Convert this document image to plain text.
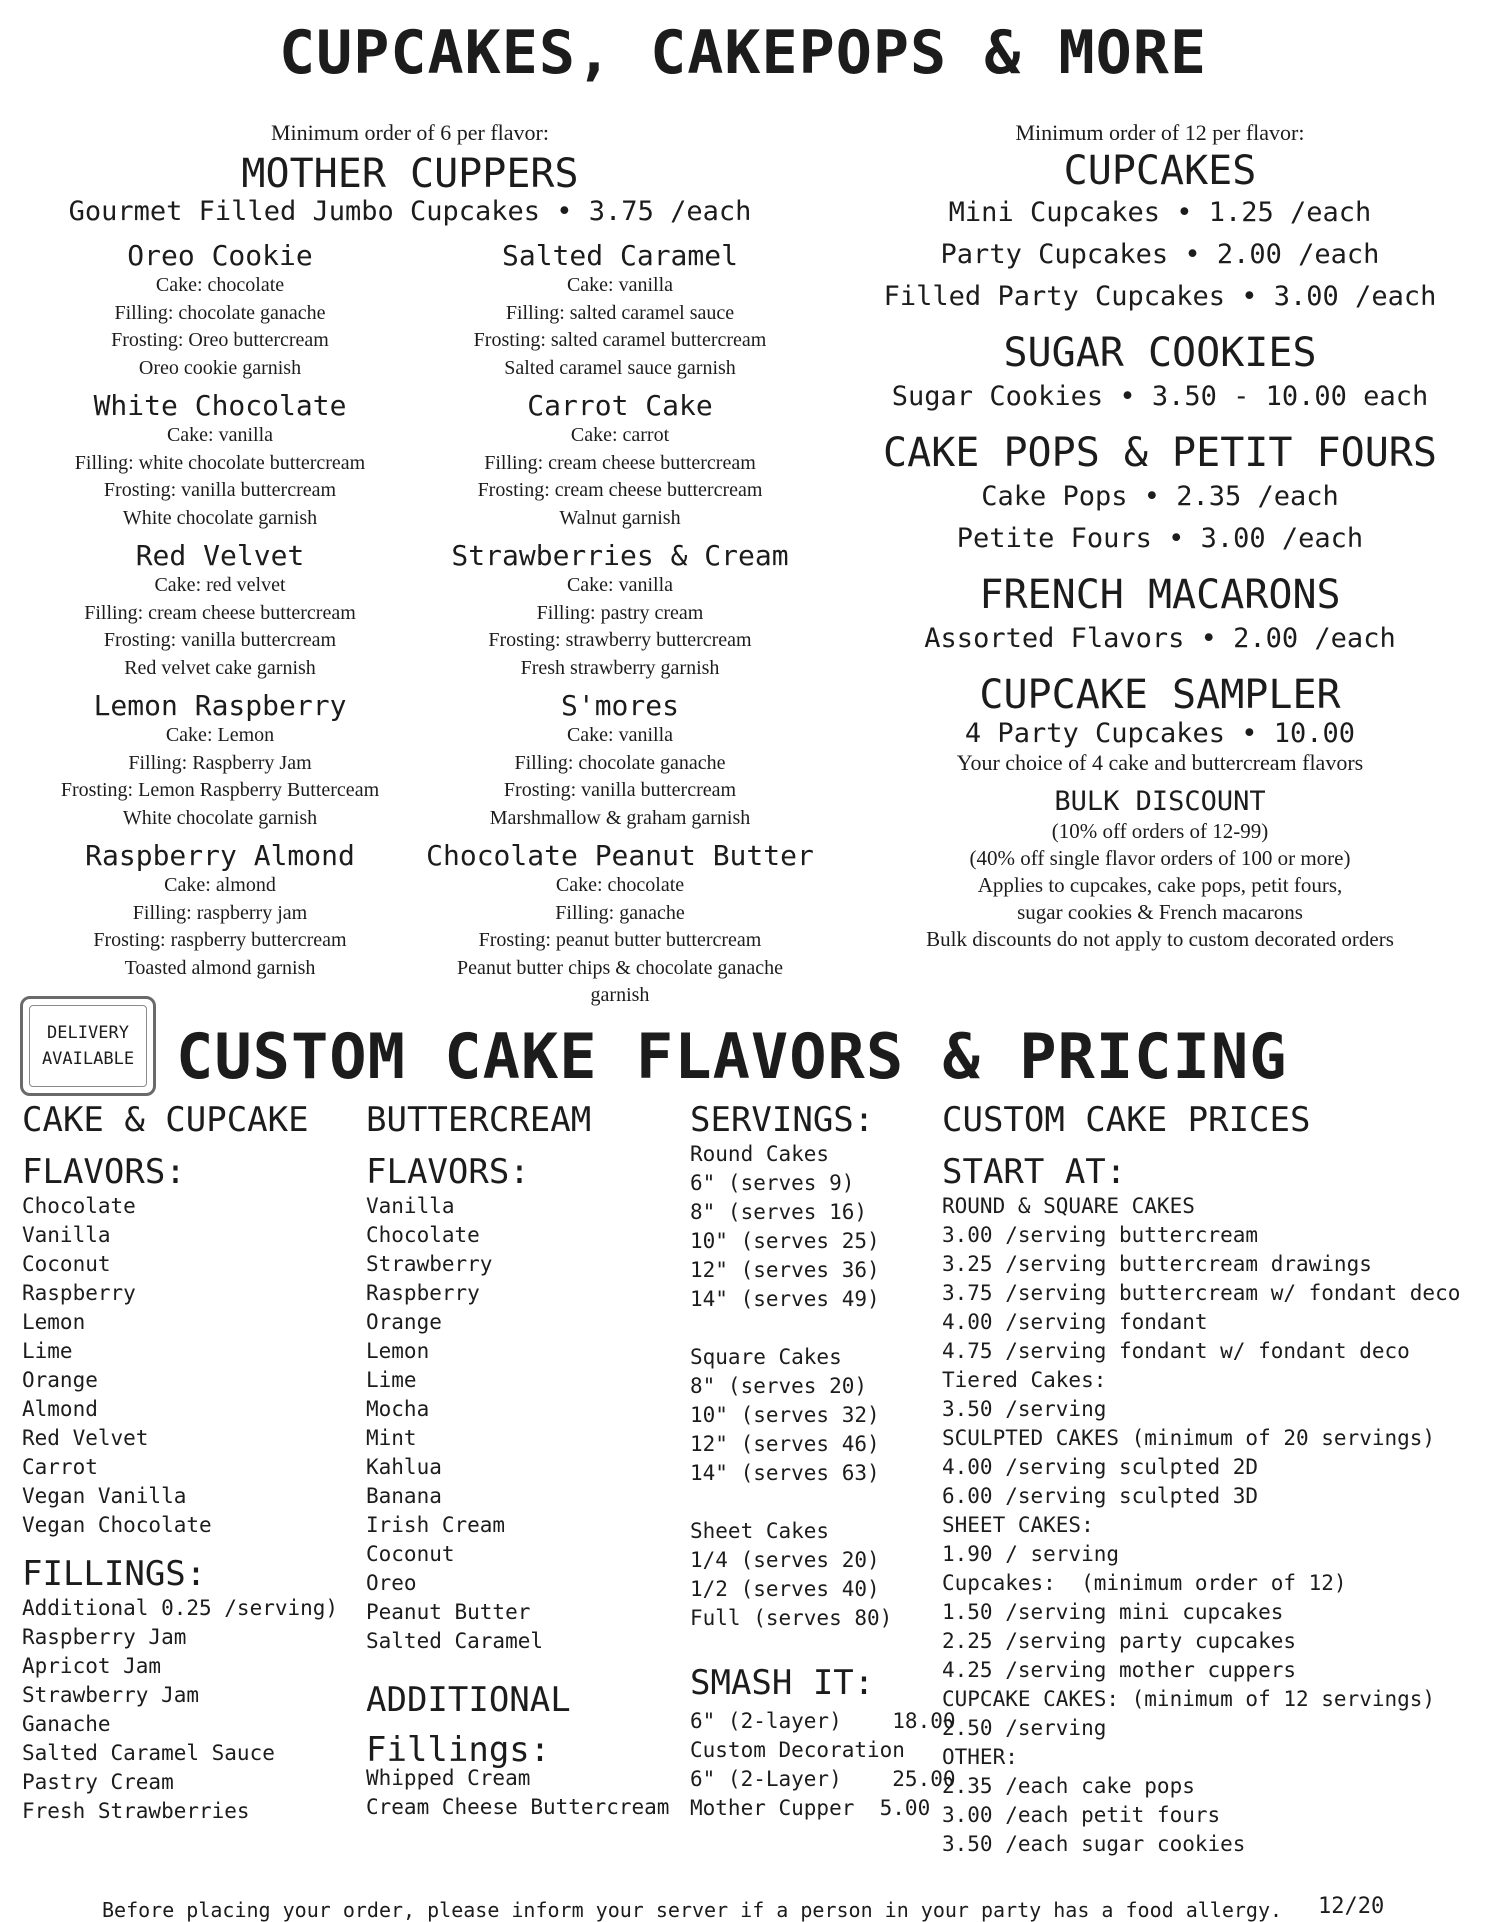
CUPCAKES, CAKEPOPS & MORE
Minimum order of 6 per flavor:
MOTHER CUPPERS
Gourmet Filled Jumbo Cupcakes • 3.75 /each
Oreo Cookie
Cake: chocolate
Filling: chocolate ganache
Frosting: Oreo buttercream
Oreo cookie garnish
White Chocolate
Cake: vanilla
Filling: white chocolate buttercream
Frosting: vanilla buttercream
White chocolate garnish
Red Velvet
Cake: red velvet
Filling: cream cheese buttercream
Frosting: vanilla buttercream
Red velvet cake garnish
Lemon Raspberry
Cake: Lemon
Filling: Raspberry Jam
Frosting: Lemon Raspberry Butterceam
White chocolate garnish
Raspberry Almond
Cake: almond
Filling: raspberry jam
Frosting: raspberry buttercream
Toasted almond garnish
Salted Caramel
Cake: vanilla
Filling: salted caramel sauce
Frosting: salted caramel buttercream
Salted caramel sauce garnish
Carrot Cake
Cake: carrot
Filling: cream cheese buttercream
Frosting: cream cheese buttercream
Walnut garnish
Strawberries & Cream
Cake: vanilla
Filling: pastry cream
Frosting: strawberry buttercream
Fresh strawberry garnish
S'mores
Cake: vanilla
Filling: chocolate ganache
Frosting: vanilla buttercream
Marshmallow & graham garnish
Chocolate Peanut Butter
Cake: chocolate
Filling: ganache
Frosting: peanut butter buttercream
Peanut butter chips & chocolate ganache
garnish
Minimum order of 12 per flavor:
CUPCAKES
Mini Cupcakes • 1.25 /each
Party Cupcakes • 2.00 /each
Filled Party Cupcakes • 3.00 /each
SUGAR COOKIES
Sugar Cookies • 3.50 - 10.00 each
CAKE POPS & PETIT FOURS
Cake Pops • 2.35 /each
Petite Fours • 3.00 /each
FRENCH MACARONS
Assorted Flavors • 2.00 /each
CUPCAKE SAMPLER
4 Party Cupcakes • 10.00
Your choice of 4 cake and buttercream flavors
BULK DISCOUNT
(10% off orders of 12-99)
(40% off single flavor orders of 100 or more)
Applies to cupcakes, cake pops, petit fours,
sugar cookies & French macarons
Bulk discounts do not apply to custom decorated orders
DELIVERY
AVAILABLE CUSTOM CAKE FLAVORS & PRICING
CAKE & CUPCAKE
FLAVORS:
Chocolate
Vanilla
Coconut
Raspberry
Lemon
Lime
Orange
Almond
Red Velvet
Carrot
Vegan Vanilla
Vegan Chocolate
FILLINGS:
Additional 0.25 /serving)
Raspberry Jam
Apricot Jam
Strawberry Jam
Ganache
Salted Caramel Sauce
Pastry Cream
Fresh Strawberries
BUTTERCREAM
FLAVORS:
Vanilla
Chocolate
Strawberry
Raspberry
Orange
Lemon
Lime
Mocha
Mint
Kahlua
Banana
Irish Cream
Coconut
Oreo
Peanut Butter
Salted Caramel
ADDITIONAL
Fillings:
Whipped Cream
Cream Cheese Buttercream
SERVINGS:
Round Cakes
6" (serves 9)
8" (serves 16)
10" (serves 25)
12" (serves 36)
14" (serves 49)
Square Cakes
8" (serves 20)
10" (serves 32)
12" (serves 46)
14" (serves 63)
Sheet Cakes
1/4 (serves 20)
1/2 (serves 40)
Full (serves 80)
SMASH IT:
6" (2-layer)    18.00
Custom Decoration
6" (2-Layer)    25.00
Mother Cupper  5.00
CUSTOM CAKE PRICES
START AT:
ROUND & SQUARE CAKES
3.00 /serving buttercream
3.25 /serving buttercream drawings
3.75 /serving buttercream w/ fondant deco
4.00 /serving fondant
4.75 /serving fondant w/ fondant deco
Tiered Cakes:
3.50 /serving
SCULPTED CAKES (minimum of 20 servings)
4.00 /serving sculpted 2D
6.00 /serving sculpted 3D
SHEET CAKES:
1.90 / serving
Cupcakes:  (minimum order of 12)
1.50 /serving mini cupcakes
2.25 /serving party cupcakes
4.25 /serving mother cuppers
CUPCAKE CAKES: (minimum of 12 servings)
2.50 /serving
OTHER:
2.35 /each cake pops
3.00 /each petit fours
3.50 /each sugar cookies
Before placing your order, please inform your server if a person in your party has a food allergy. 12/20
